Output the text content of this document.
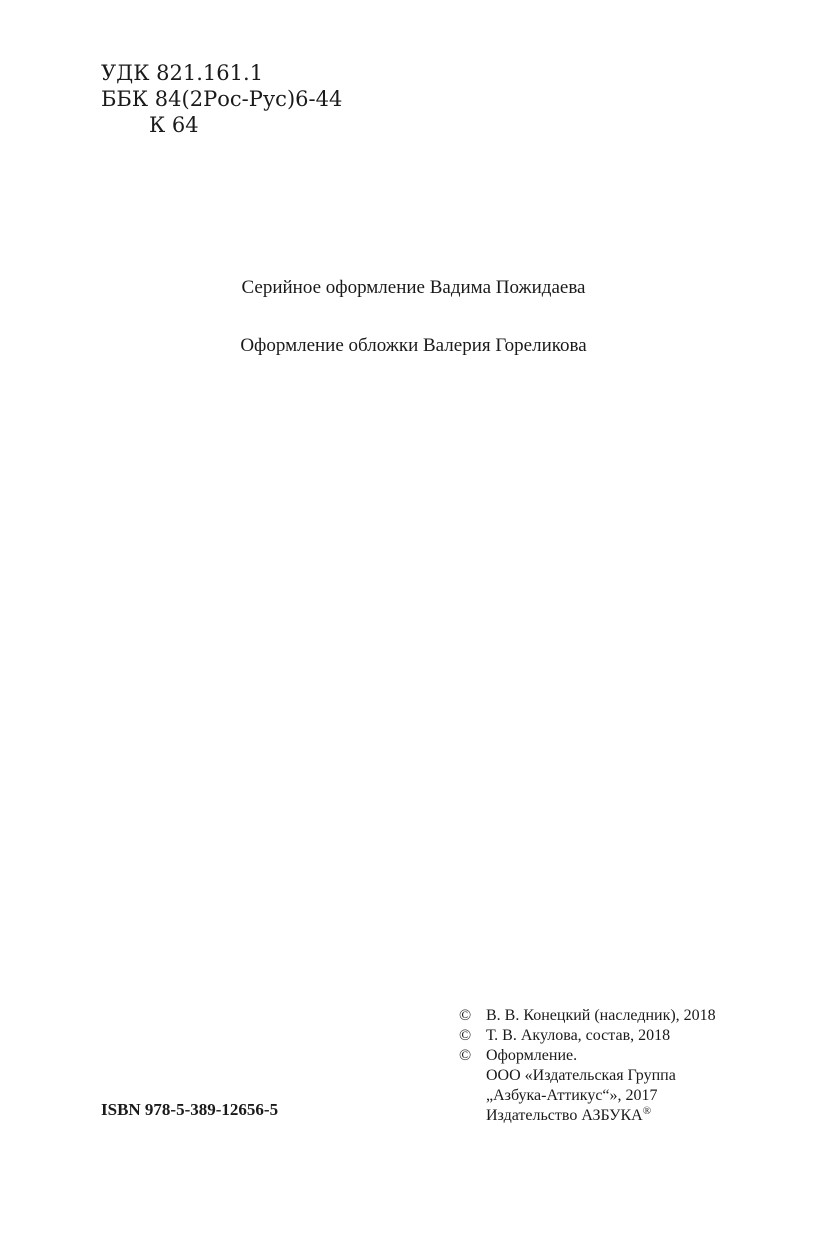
УДК 821.161.1
ББК 84(2Рос-Рус)6-44
К 64
Серийное оформление Вадима Пожидаева
Оформление обложки Валерия Гореликова
© В. В. Конецкий (наследник), 2018
© Т. В. Акулова, состав, 2018
© Оформление.
ООО «Издательская Группа
„Азбука-Аттикус“», 2017
Издательство АЗБУКА®
ISBN 978-5-389-12656-5
